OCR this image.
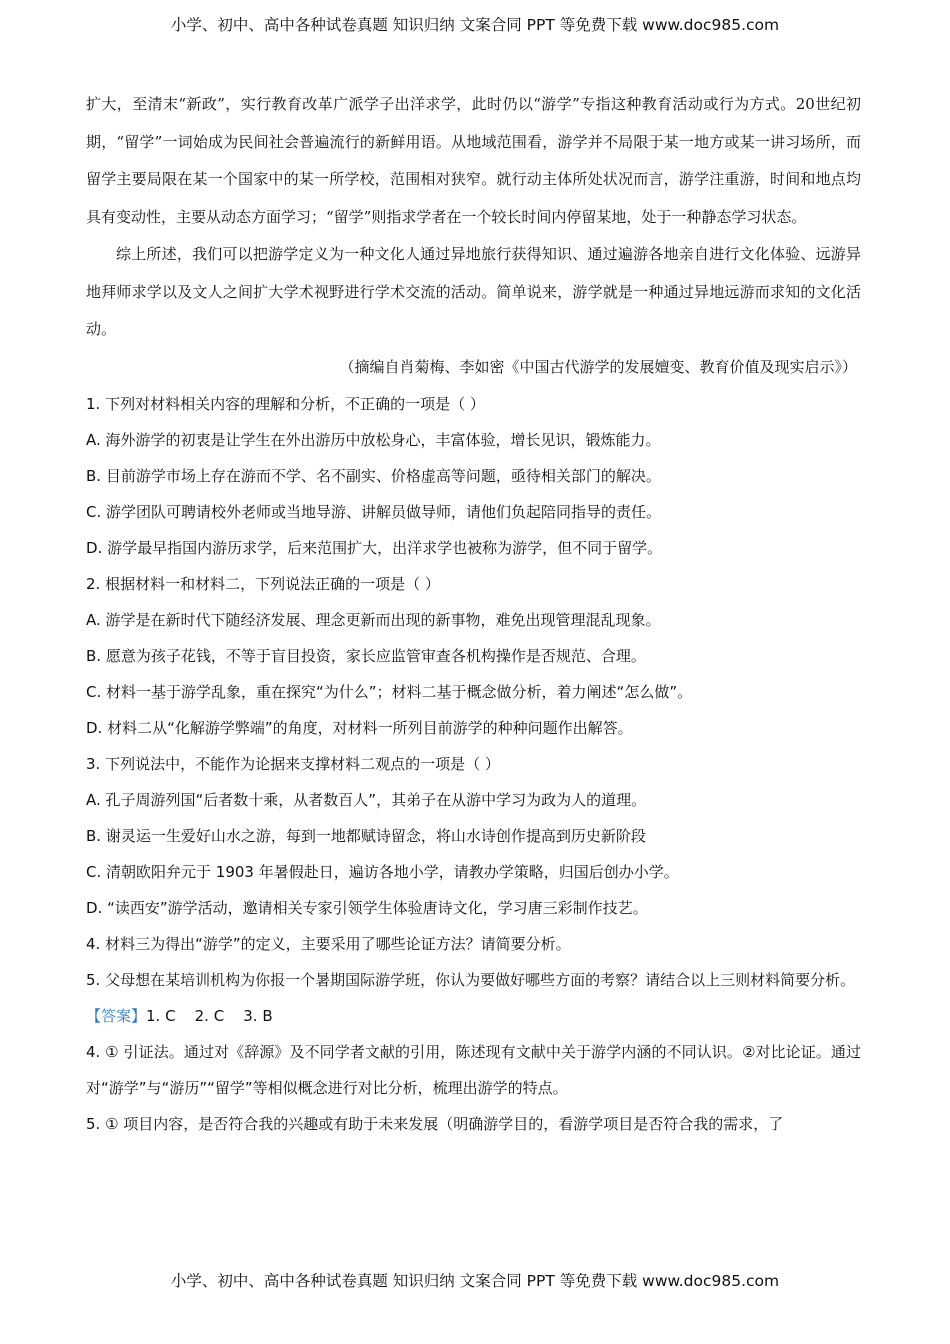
小学、初中、高中各种试卷真题 知识归纳 文案合同 PPT 等免费下载 www.doc985.com

扩大，至清末“新政”，实行教育改革广派学子出洋求学，此时仍以“游学”专指这种教育活动或行为方式。20世纪初期，“留学”一词始成为民间社会普遍流行的新鲜用语。从地域范围看，游学并不局限于某一地方或某一讲习场所，而留学主要局限在某一个国家中的某一所学校，范围相对狭窄。就行动主体所处状况而言，游学注重游，时间和地点均具有变动性，主要从动态方面学习；“留学”则指求学者在一个较长时间内停留某地，处于一种静态学习状态。

综上所述，我们可以把游学定义为一种文化人通过异地旅行获得知识、通过遍游各地亲自进行文化体验、远游异地拜师求学以及文人之间扩大学术视野进行学术交流的活动。简单说来，游学就是一种通过异地远游而求知的文化活动。

（摘编自肖菊梅、李如密《中国古代游学的发展嬗变、教育价值及现实启示》）

1. 下列对材料相关内容的理解和分析，不正确的一项是（ ）

A. 海外游学的初衷是让学生在外出游历中放松身心，丰富体验，增长见识，锻炼能力。

B. 目前游学市场上存在游而不学、名不副实、价格虚高等问题，亟待相关部门的解决。

C. 游学团队可聘请校外老师或当地导游、讲解员做导师，请他们负起陪同指导的责任。

D. 游学最早指国内游历求学，后来范围扩大，出洋求学也被称为游学，但不同于留学。

2. 根据材料一和材料二，下列说法正确的一项是（ ）

A. 游学是在新时代下随经济发展、理念更新而出现的新事物，难免出现管理混乱现象。

B. 愿意为孩子花钱，不等于盲目投资，家长应监管审查各机构操作是否规范、合理。

C. 材料一基于游学乱象，重在探究“为什么”；材料二基于概念做分析，着力阐述“怎么做”。

D. 材料二从“化解游学弊端”的角度，对材料一所列目前游学的种种问题作出解答。

3. 下列说法中，不能作为论据来支撑材料二观点的一项是（ ）

A. 孔子周游列国“后者数十乘，从者数百人”，其弟子在从游中学习为政为人的道理。

B. 谢灵运一生爱好山水之游，每到一地都赋诗留念，将山水诗创作提高到历史新阶段

C. 清朝欧阳弁元于 1903 年暑假赴日，遍访各地小学，请教办学策略，归国后创办小学。

D. “读西安”游学活动，邀请相关专家引领学生体验唐诗文化，学习唐三彩制作技艺。

4. 材料三为得出“游学”的定义，主要采用了哪些论证方法？请简要分析。

5. 父母想在某培训机构为你报一个暑期国际游学班，你认为要做好哪些方面的考察？请结合以上三则材料简要分析。

【答案】1. C    2. C    3. B

4. ① 引证法。通过对《辞源》及不同学者文献的引用，陈述现有文献中关于游学内涵的不同认识。②对比论证。通过对“游学”与“游历”“留学”等相似概念进行对比分析，梳理出游学的特点。

5. ① 项目内容，是否符合我的兴趣或有助于未来发展（明确游学目的，看游学项目是否符合我的需求，了

小学、初中、高中各种试卷真题 知识归纳 文案合同 PPT 等免费下载 www.doc985.com
